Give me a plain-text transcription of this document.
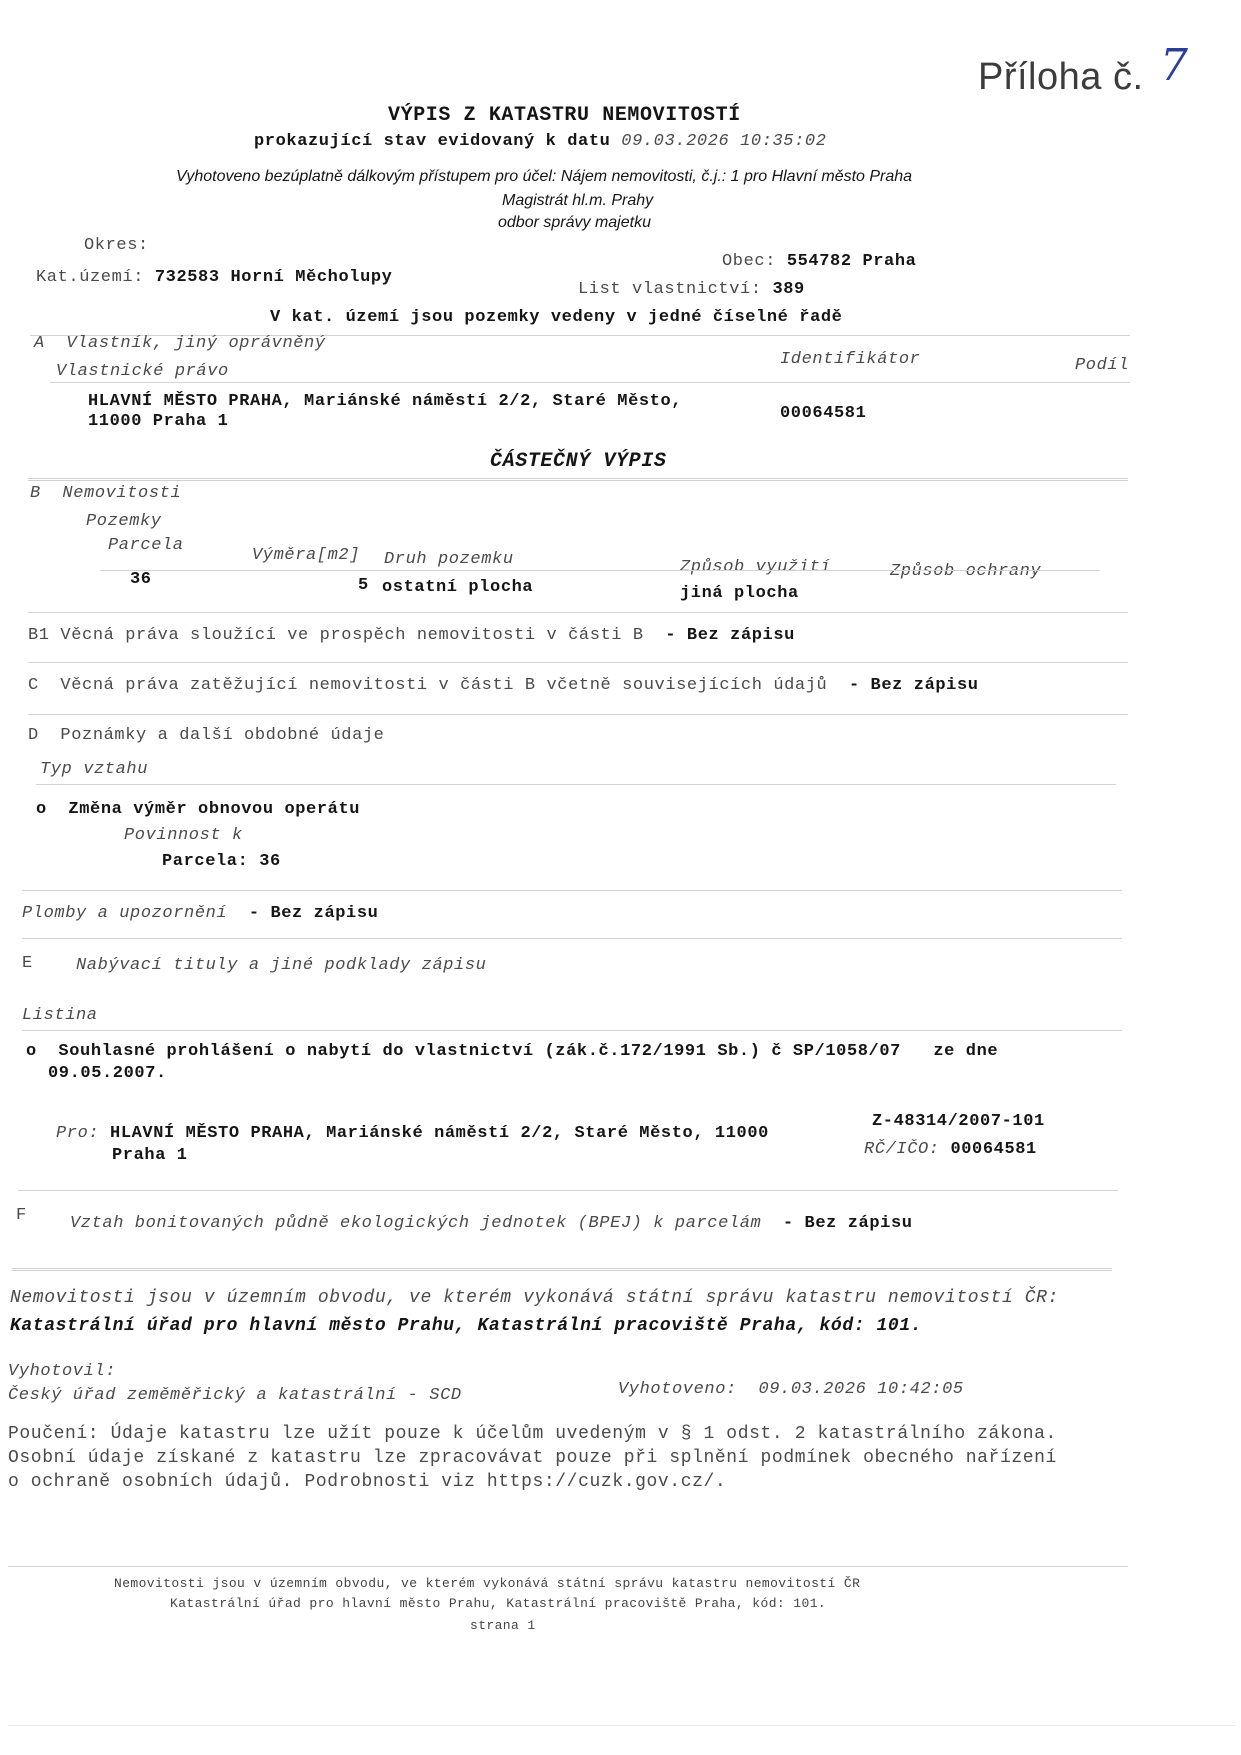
Příloha č. 7
VÝPIS Z KATASTRU NEMOVITOSTÍ
prokazující stav evidovaný k datu 09.03.2026 10:35:02
Vyhotoveno bezúplatně dálkovým přístupem pro účel: Nájem nemovitosti, č.j.: 1 pro Hlavní město Praha
Magistrát hl.m. Prahy
odbor správy majetku
Okres:
Obec: 554782 Praha
Kat.území: 732583 Horní Měcholupy
List vlastnictví: 389
V kat. území jsou pozemky vedeny v jedné číselné řadě
A Vlastník, jiný oprávněný
Vlastnické právo
Identifikátor	Podíl
HLAVNÍ MĚSTO PRAHA, Mariánské náměstí 2/2, Staré Město,
11000 Praha 1	00064581
ČÁSTEČNÝ VÝPIS
B Nemovitosti
Pozemky
Parcela
Výměra[m2] Druh pozemku	Způsob využití	Způsob ochrany
36	5 ostatní plocha	jiná plocha
B1 Věcná práva sloužící ve prospěch nemovitosti v části B - Bez zápisu
C Věcná práva zatěžující nemovitosti v části B včetně souvisejících údajů - Bez zápisu
D Poznámky a další obdobné údaje
Typ vztahu
o Změna výměr obnovou operátu
Povinnost k
Parcela: 36
Plomby a upozornění - Bez zápisu
E	Nabývací tituly a jiné podklady zápisu
Listina
o Souhlasné prohlášení o nabytí do vlastnictví (zák.č.172/1991 Sb.) č SP/1058/07 ze dne
09.05.2007.
Z-48314/2007-101
Pro: HLAVNÍ MĚSTO PRAHA, Mariánské náměstí 2/2, Staré Město, 11000
Praha 1	RČ/IČO: 00064581
F	Vztah bonitovaných půdně ekologických jednotek (BPEJ) k parcelám - Bez zápisu
Nemovitosti jsou v územním obvodu, ve kterém vykonává státní správu katastru nemovitostí ČR:
Katastrální úřad pro hlavní město Prahu, Katastrální pracoviště Praha, kód: 101.
Vyhotovil:
Český úřad zeměměřický a katastrální - SCD	Vyhotoveno: 09.03.2026 10:42:05
Poučení: Údaje katastru lze užít pouze k účelům uvedeným v § 1 odst. 2 katastrálního zákona.
Osobní údaje získané z katastru lze zpracovávat pouze při splnění podmínek obecného nařízení
o ochraně osobních údajů. Podrobnosti viz https://cuzk.gov.cz/.
Nemovitosti jsou v územním obvodu, ve kterém vykonává státní správu katastru nemovitostí ČR
Katastrální úřad pro hlavní město Prahu, Katastrální pracoviště Praha, kód: 101.
strana 1
